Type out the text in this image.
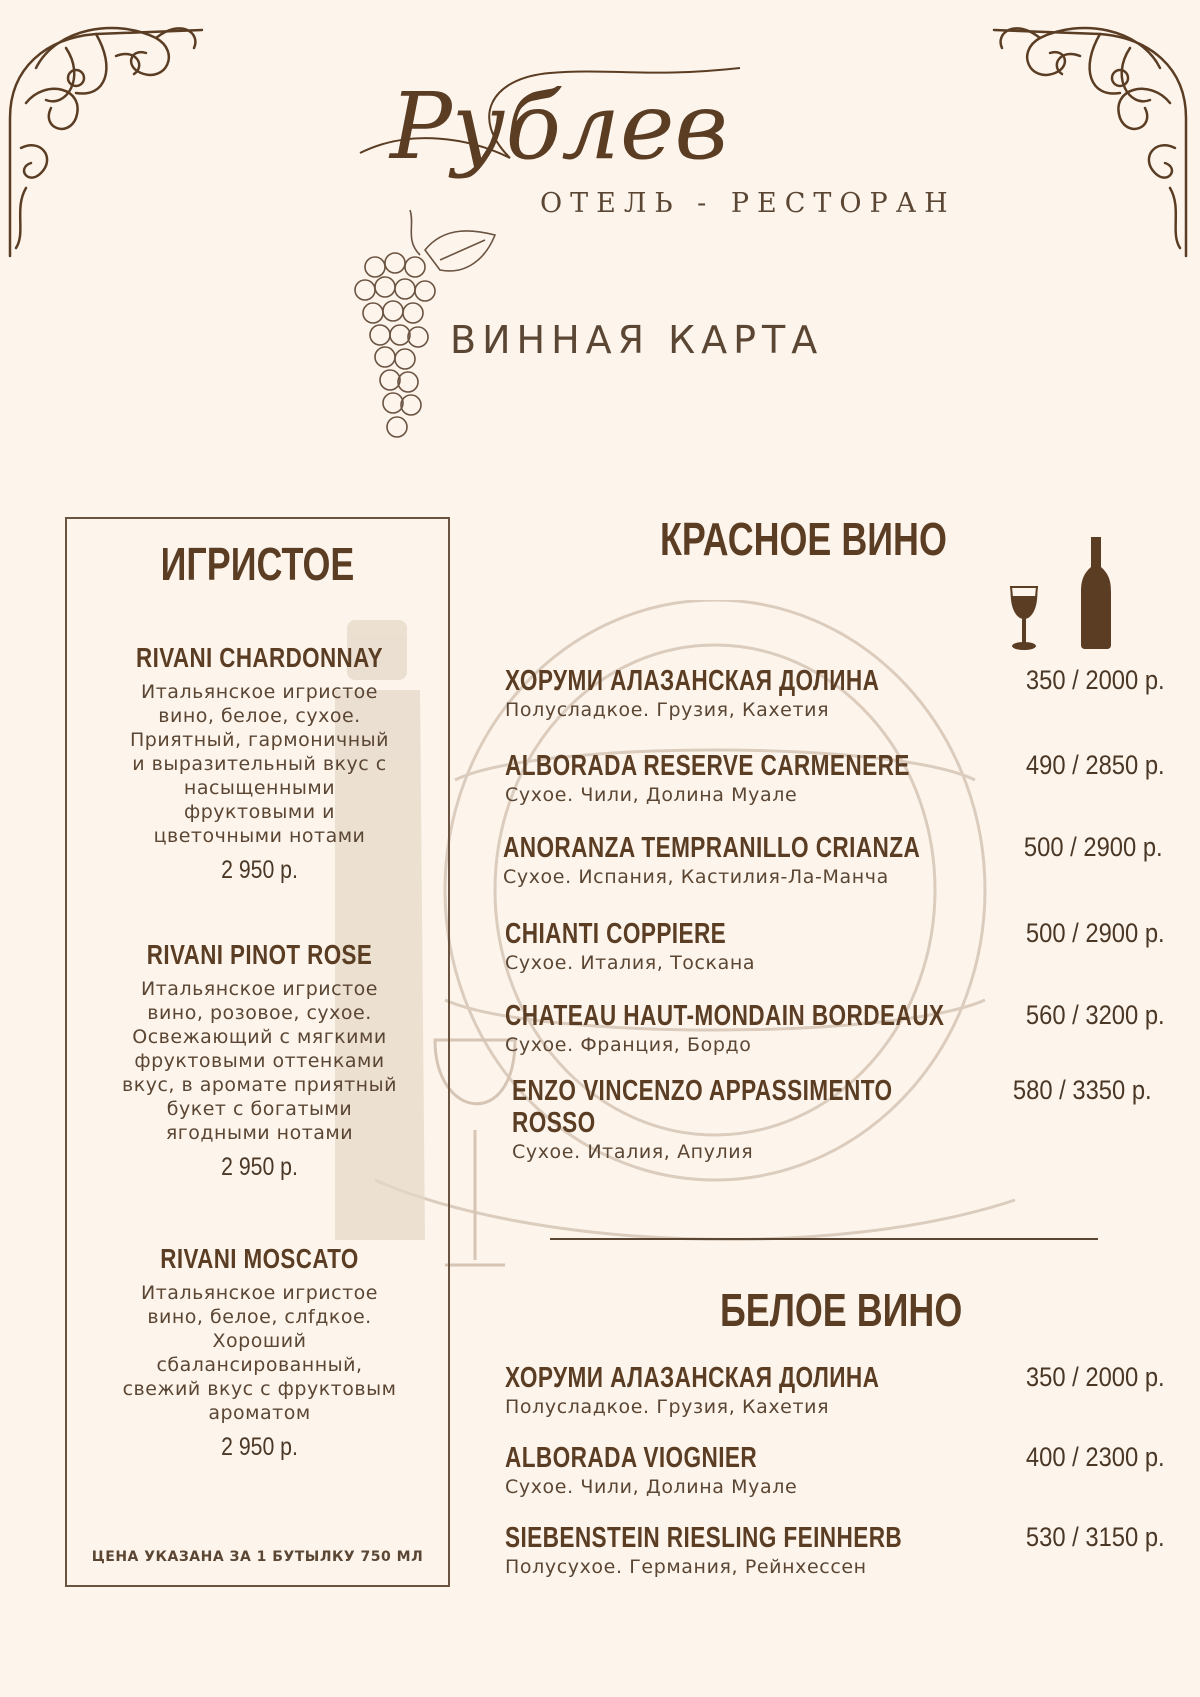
Рублев
ОТЕЛЬ - РЕСТОРАН
ВИННАЯ КАРТА
ИГРИСТОЕ
RIVANI CHARDONNAY
Итальянское игристое
вино, белое, сухое.
Приятный, гармоничный
и выразительный вкус с
насыщенными
фруктовыми и
цветочными нотами
2 950 р.
RIVANI PINOT ROSE
Итальянское игристое
вино, розовое, сухое.
Освежающий с мягкими
фруктовыми оттенками
вкус, в аромате приятный
букет с богатыми
ягодными нотами
2 950 р.
RIVANI MOSCATO
Итальянское игристое
вино, белое, слfдкое.
Хороший
сбалансированный,
свежий вкус с фруктовым
ароматом
2 950 р.
ЦЕНА УКАЗАНА ЗА 1 БУТЫЛКУ 750 МЛ
КРАСНОЕ ВИНО
ХОРУМИ АЛАЗАНСКАЯ ДОЛИНА
Полусладкое. Грузия, Кахетия
350 / 2000 р.
ALBORADA RESERVE CARMENERE
Сухое. Чили, Долина Муале
490 / 2850 р.
ANORANZA TEMPRANILLO CRIANZA
Сухое. Испания, Кастилия-Ла-Манча
500 / 2900 р.
CHIANTI COPPIERE
Сухое. Италия, Тоскана
500 / 2900 р.
CHATEAU HAUT-MONDAIN BORDEAUX
Сухое. Франция, Бордо
560 / 3200 р.
ENZO VINCENZO APPASSIMENTO ROSSO
Сухое. Италия, Апулия
580 / 3350 р.
БЕЛОЕ ВИНО
ХОРУМИ АЛАЗАНСКАЯ ДОЛИНА
Полусладкое. Грузия, Кахетия
350 / 2000 р.
ALBORADA VIOGNIER
Сухое. Чили, Долина Муале
400 / 2300 р.
SIEBENSTEIN RIESLING FEINHERB
Полусухое. Германия, Рейнхессен
530 / 3150 р.
